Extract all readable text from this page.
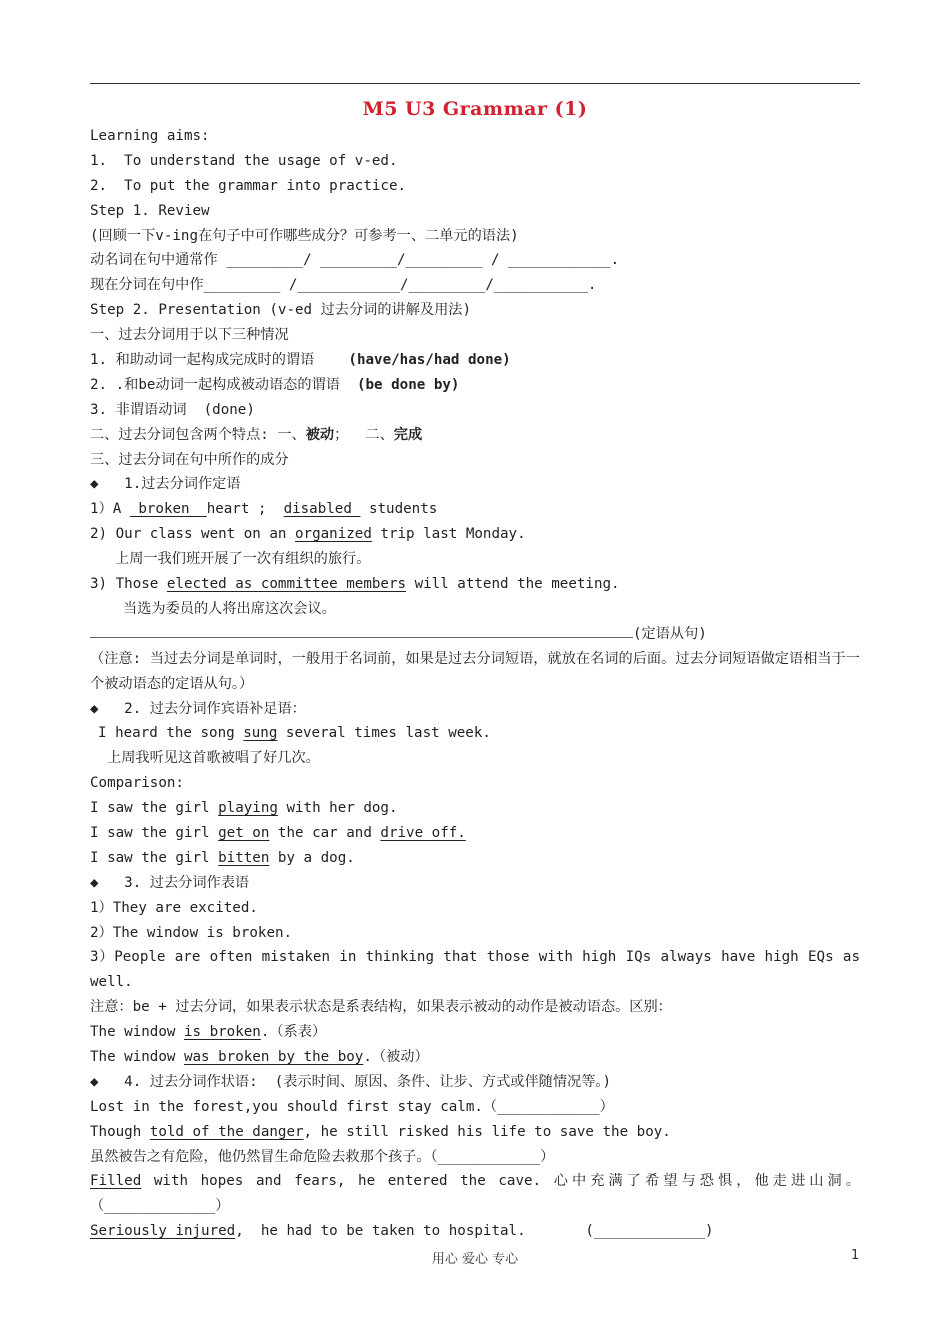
M5 U3 Grammar (1)
Learning aims:
1.  To understand the usage of v-ed.
2.  To put the grammar into practice.
Step 1. Review
(回顾一下v-ing在句子中可作哪些成分？可参考一、二单元的语法)
动名词在句中通常作 _________/ _________/_________ / ____________.
现在分词在句中作_________ /____________/_________/___________.
Step 2. Presentation (v-ed 过去分词的讲解及用法)
一、过去分词用于以下三种情况
1. 和助动词一起构成完成时的谓语    (have/has/had done)
2. .和be动词一起构成被动语态的谓语  (be done by)
3. 非谓语动词  (done)
二、过去分词包含两个特点: 一、被动；  二、完成
三、过去分词在句中所作的成分
◆   1.过去分词作定语
1）A  broken  heart ;  disabled  students
2) Our class went on an organized trip last Monday.
上周一我们班开展了一次有组织的旅行。
3) Those elected as committee members will attend the meeting.
当选为委员的人将出席这次会议。
(定语从句)
（注意: 当过去分词是单词时，一般用于名词前，如果是过去分词短语，就放在名词的后面。过去分词短语做定语相当于一个被动语态的定语从句。）
◆   2. 过去分词作宾语补足语：
I heard the song sung several times last week.
上周我听见这首歌被唱了好几次。
Comparison:
I saw the girl playing with her dog.
I saw the girl get on the car and drive off.
I saw the girl bitten by a dog.
◆   3. 过去分词作表语
1）They are excited.
2）The window is broken.
3）People are often mistaken in thinking that those with high IQs always have high EQs as well.
注意：be + 过去分词，如果表示状态是系表结构，如果表示被动的动作是被动语态。区别：
The window is broken.（系表）
The window was broken by the boy.（被动）
◆   4. 过去分词作状语:  (表示时间、原因、条件、让步、方式或伴随情况等。)
Lost in the forest,you should first stay calm.（____________）
Though told of the danger, he still risked his life to save the boy.
虽然被告之有危险，他仍然冒生命危险去救那个孩子。（____________）
Filled with hopes and fears, he entered the cave. 心中充满了希望与恐惧，他走进山洞。（_____________）
Seriously injured,  he had to be taken to hospital.       (_____________)
用心 爱心 专心	1
